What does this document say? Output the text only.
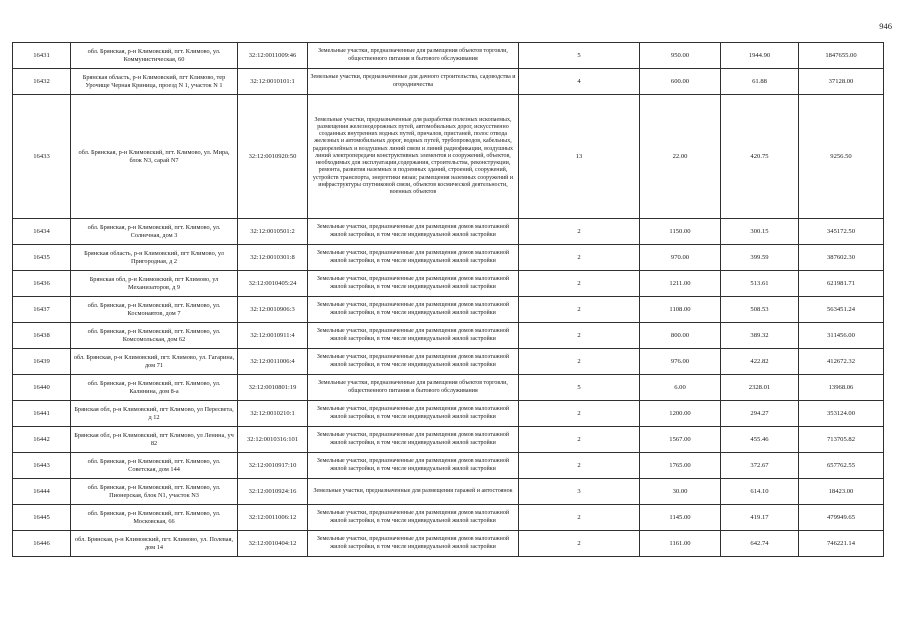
946
16431	обл. Брянская, р-н Климовский, пгт. Климово, ул. Коммунистическая, 60	32:12:0011009:46	Земельные участки, предназначенные для размещения объектов торговли, общественного питания и бытового обслуживания	5	950.00	1944.90	1847655.00
16432	Брянская область, р-н Климовский, пгт Климово, тер Урочище Черная Криница, проезд N 1, участок N 1	32:12:0010101:1	Земельные участки, предназначенные для дачного строительства, садоводства и огородничества	4	600.00	61.88	37128.00
16433	обл. Брянская, р-н Климовский, пгт. Климово, ул. Мира, блок N3, сарай N7	32:12:0010920:50	Земельные участки, предназначенные для разработки полезных ископаемых, размещения железнодорожных путей, автомобильных дорог, искусственно созданных внутренних водных путей, причалов, пристаней, полос отвода железных и автомобильных дорог, водных путей, трубопроводов, кабельных, радиорелейных и воздушных линий связи и линий радиофикации, воздушных линий электропередачи конструктивных элементов и сооружений, объектов, необходимых для эксплуатации,содержания, строительства, реконструкции, ремонта, развития наземных и подземных зданий, строений, сооружений, устройств транспорта, энергетики вязаи; размещения наземных сооружений и инфраструктуры спутниковой связи, объектов космической деятельности, военных объектов	13	22.00	420.75	9256.50
16434	обл. Брянская, р-н Климовский, пгт. Климово, ул. Солнечная, дом 3	32:12:0010501:2	Земельные участки, предназначенные для размещения домов малоэтажной жилой застройки, в том числе индивидуальной жилой застройки	2	1150.00	300.15	345172.50
16435	Брянская область, р-н Климовский, пгт Климово, ул Пригородная, д 2	32:12:0010301:8	Земельные участки, предназначенные для размещения домов малоэтажной жилой застройки, в том числе индивидуальной жилой застройки	2	970.00	399.59	387602.30
16436	Брянская обл, р-н Климовский, пгт Климово, ул Механизаторов, д 9	32:12:0010405:24	Земельные участки, предназначенные для размещения домов малоэтажной жилой застройки, в том числе индивидуальной жилой застройки	2	1211.00	513.61	621981.71
16437	обл. Брянская, р-н Климовский, пгт. Климово, ул. Космонавтов, дом 7	32:12:0010906:3	Земельные участки, предназначенные для размещения домов малоэтажной жилой застройки, в том числе индивидуальной жилой застройки	2	1108.00	508.53	563451.24
16438	обл. Брянская, р-н Климовский, пгт. Климово, ул. Комсомольская, дом 62	32:12:0010911:4	Земельные участки, предназначенные для размещения домов малоэтажной жилой застройки, в том числе индивидуальной жилой застройки	2	800.00	389.32	311456.00
16439	обл. Брянская, р-н Климовский, пгт. Климово, ул. Гагарина, дом 71	32:12:0011006:4	Земельные участки, предназначенные для размещения домов малоэтажной жилой застройки, в том числе индивидуальной жилой застройки	2	976.00	422.82	412672.32
16440	обл. Брянская, р-н Климовский, пгт. Климово, ул. Калинина, дом 8-а	32:12:0010801:19	Земельные участки, предназначенные для размещения объектов торговли, общественного питания и бытового обслуживания	5	6.00	2328.01	13968.06
16441	Брянская обл, р-н Климовский, пгт Климово, ул Пересвета, д 12	32:12:0010210:1	Земельные участки, предназначенные для размещения домов малоэтажной жилой застройки, в том числе индивидуальной жилой застройки	2	1200.00	294.27	353124.00
16442	Брянская обл, р-н Климовский, пгт Климово, ул Ленина, уч 82	32:12:0010316:101	Земельные участки, предназначенные для размещения домов малоэтажной жилой застройки, в том числе индивидуальной жилой застройки	2	1567.00	455.46	713705.82
16443	обл. Брянская, р-н Климовский, пгт. Климово, ул. Советская, дом 144	32:12:0010917:10	Земельные участки, предназначенные для размещения домов малоэтажной жилой застройки, в том числе индивидуальной жилой застройки	2	1765.00	372.67	657762.55
16444	обл. Брянская, р-н Климовский, пгт. Климово, ул. Пионерская, блок N1, участок N3	32:12:0010924:16	Земельные участки, предназначенные для размещения гаражей и автостоянок	3	30.00	614.10	18423.00
16445	обл. Брянская, р-н Климовский, пгт. Климово, ул. Московская, 66	32:12:0011006:12	Земельные участки, предназначенные для размещения домов малоэтажной жилой застройки, в том числе индивидуальной жилой застройки	2	1145.00	419.17	479949.65
16446	обл. Брянская, р-н Климовский, пгт. Климово, ул. Полевая, дом 14	32:12:0010404:12	Земельные участки, предназначенные для размещения домов малоэтажной жилой застройки, в том числе индивидуальной жилой застройки	2	1161.00	642.74	746221.14
